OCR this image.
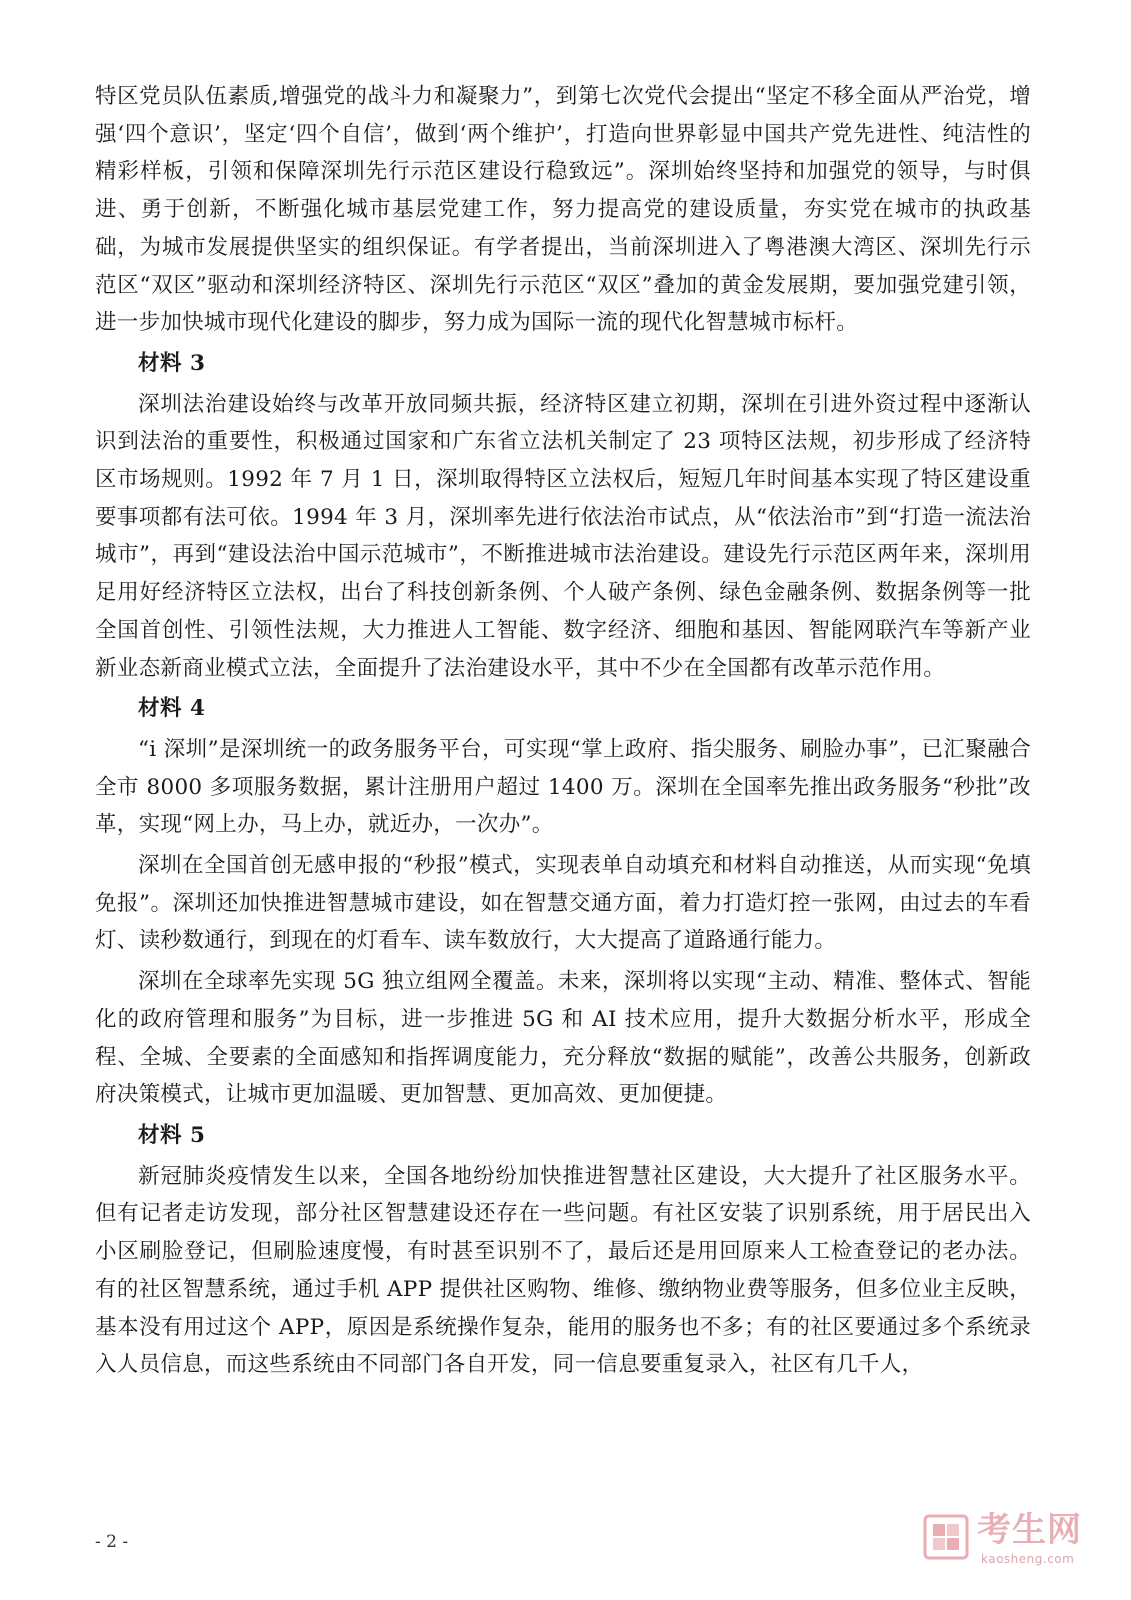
特区党员队伍素质,增强党的战斗力和凝聚力”，到第七次党代会提出“坚定不移全面从严治党，增强‘四个意识’，坚定‘四个自信’，做到‘两个维护’，打造向世界彰显中国共产党先进性、纯洁性的精彩样板，引领和保障深圳先行示范区建设行稳致远”。深圳始终坚持和加强党的领导，与时俱进、勇于创新，不断强化城市基层党建工作，努力提高党的建设质量，夯实党在城市的执政基础，为城市发展提供坚实的组织保证。有学者提出，当前深圳进入了粤港澳大湾区、深圳先行示范区“双区”驱动和深圳经济特区、深圳先行示范区“双区”叠加的黄金发展期，要加强党建引领，进一步加快城市现代化建设的脚步，努力成为国际一流的现代化智慧城市标杆。

材料 3

深圳法治建设始终与改革开放同频共振，经济特区建立初期，深圳在引进外资过程中逐渐认识到法治的重要性，积极通过国家和广东省立法机关制定了 23 项特区法规，初步形成了经济特区市场规则。1992 年 7 月 1 日，深圳取得特区立法权后，短短几年时间基本实现了特区建设重要事项都有法可依。1994 年 3 月，深圳率先进行依法治市试点，从“依法治市”到“打造一流法治城市”，再到“建设法治中国示范城市”，不断推进城市法治建设。建设先行示范区两年来，深圳用足用好经济特区立法权，出台了科技创新条例、个人破产条例、绿色金融条例、数据条例等一批全国首创性、引领性法规，大力推进人工智能、数字经济、细胞和基因、智能网联汽车等新产业新业态新商业模式立法，全面提升了法治建设水平，其中不少在全国都有改革示范作用。

材料 4

“i 深圳”是深圳统一的政务服务平台，可实现“掌上政府、指尖服务、刷脸办事”，已汇聚融合全市 8000 多项服务数据，累计注册用户超过 1400 万。深圳在全国率先推出政务服务“秒批”改革，实现“网上办，马上办，就近办，一次办”。

深圳在全国首创无感申报的“秒报”模式，实现表单自动填充和材料自动推送，从而实现“免填免报”。深圳还加快推进智慧城市建设，如在智慧交通方面，着力打造灯控一张网，由过去的车看灯、读秒数通行，到现在的灯看车、读车数放行，大大提高了道路通行能力。

深圳在全球率先实现 5G 独立组网全覆盖。未来，深圳将以实现“主动、精准、整体式、智能化的政府管理和服务”为目标，进一步推进 5G 和 AI 技术应用，提升大数据分析水平，形成全程、全城、全要素的全面感知和指挥调度能力，充分释放“数据的赋能”，改善公共服务，创新政府决策模式，让城市更加温暖、更加智慧、更加高效、更加便捷。

材料 5

新冠肺炎疫情发生以来，全国各地纷纷加快推进智慧社区建设，大大提升了社区服务水平。但有记者走访发现，部分社区智慧建设还存在一些问题。有社区安装了识别系统，用于居民出入小区刷脸登记，但刷脸速度慢，有时甚至识别不了，最后还是用回原来人工检查登记的老办法。有的社区智慧系统，通过手机 APP 提供社区购物、维修、缴纳物业费等服务，但多位业主反映，基本没有用过这个 APP，原因是系统操作复杂，能用的服务也不多；有的社区要通过多个系统录入人员信息，而这些系统由不同部门各自开发，同一信息要重复录入，社区有几千人，

- 2 -	考生网
kaosheng.com
